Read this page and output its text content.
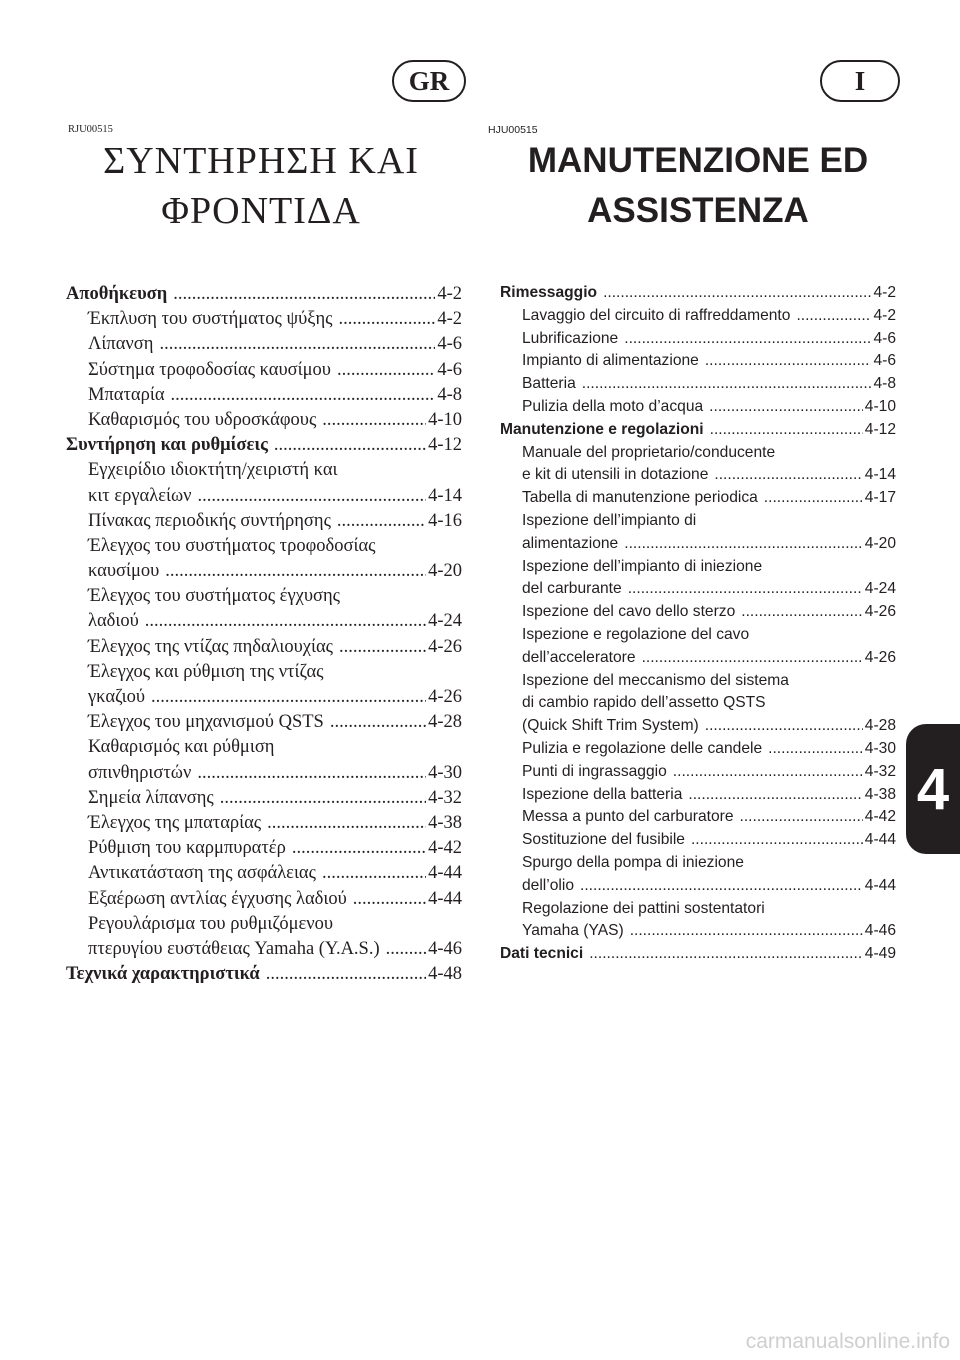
GR	I
RJU00515	HJU00515
ΣΥΝΤΗΡΗΣΗ ΚΑΙ
ΦΡΟΝΤΙΔΑ
MANUTENZIONE ED
ASSISTENZA
Αποθήκευση .....	4-2
Έκπλυση του συστήματος ψύξης .....	4-2
Λίπανση .....	4-6
Σύστημα τροφοδοσίας καυσίμου .....	4-6
Μπαταρία .....	4-8
Καθαρισμός του υδροσκάφους .....	4-10
Συντήρηση και ρυθμίσεις .....	4-12
Εγχειρίδιο ιδιοκτήτη/χειριστή και
κιτ εργαλείων .....	4-14
Πίνακας περιοδικής συντήρησης .....	4-16
Έλεγχος του συστήματος τροφοδοσίας
καυσίμου .....	4-20
Έλεγχος του συστήματος έγχυσης
λαδιού .....	4-24
Έλεγχος της ντίζας πηδαλιουχίας .....	4-26
Έλεγχος και ρύθμιση της ντίζας
γκαζιού .....	4-26
Έλεγχος του μηχανισμού QSTS .....	4-28
Καθαρισμός και ρύθμιση
σπινθηριστών .....	4-30
Σημεία λίπανσης .....	4-32
Έλεγχος της μπαταρίας .....	4-38
Ρύθμιση του καρμπυρατέρ .....	4-42
Αντικατάσταση της ασφάλειας .....	4-44
Εξαέρωση αντλίας έγχυσης λαδιού .....	4-44
Ρεγουλάρισμα του ρυθμιζόμενου
πτερυγίου ευστάθειας Yamaha (Y.A.S.) .....	4-46
Τεχνικά χαρακτηριστικά .....	4-48
Rimessaggio .....	4-2
Lavaggio del circuito di raffreddamento .....	4-2
Lubrificazione .....	4-6
Impianto di alimentazione .....	4-6
Batteria .....	4-8
Pulizia della moto d’acqua .....	4-10
Manutenzione e regolazioni .....	4-12
Manuale del proprietario/conducente
e kit di utensili in dotazione .....	4-14
Tabella di manutenzione periodica .....	4-17
Ispezione dell’impianto di
alimentazione .....	4-20
Ispezione dell’impianto di iniezione
del carburante .....	4-24
Ispezione del cavo dello sterzo .....	4-26
Ispezione e regolazione del cavo
dell’acceleratore .....	4-26
Ispezione del meccanismo del sistema
di cambio rapido dell’assetto QSTS
(Quick Shift Trim System) .....	4-28
Pulizia e regolazione delle candele .....	4-30
Punti di ingrassaggio .....	4-32
Ispezione della batteria .....	4-38
Messa a punto del carburatore .....	4-42
Sostituzione del fusibile .....	4-44
Spurgo della pompa di iniezione
dell’olio .....	4-44
Regolazione dei pattini sostentatori
Yamaha (YAS) .....	4-46
Dati tecnici .....	4-49
4
carmanualsonline.info
